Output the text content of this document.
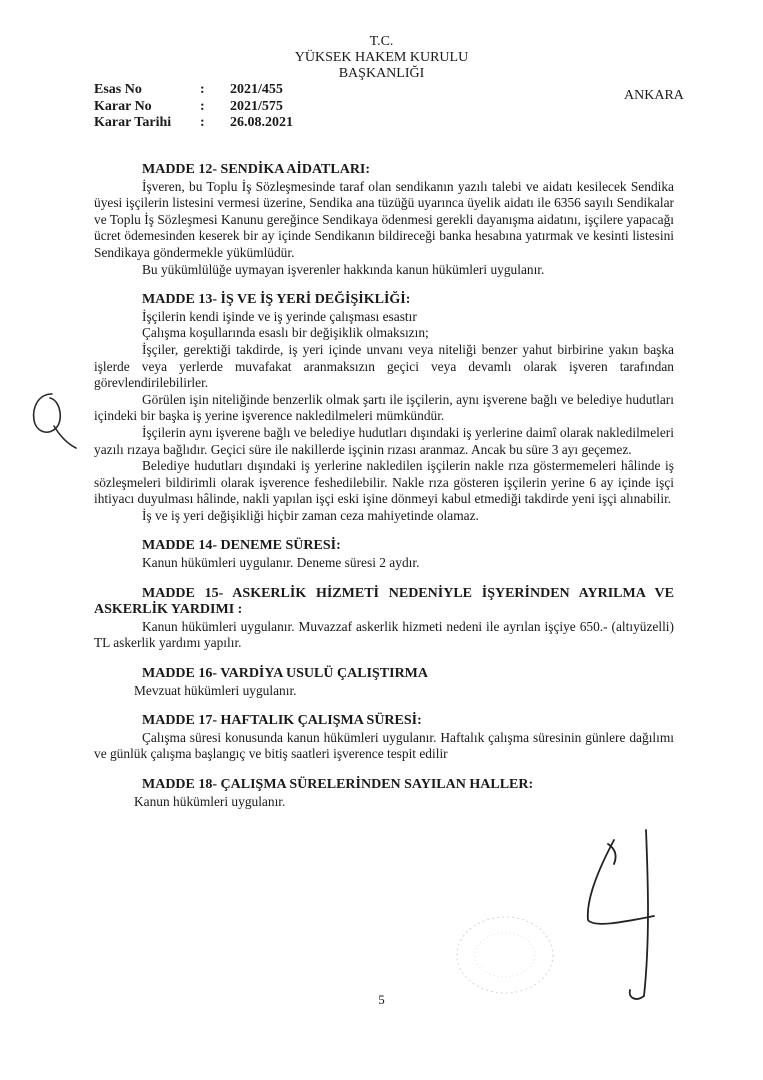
T.C.
YÜKSEK HAKEM KURULU
BAŞKANLIĞI
Esas No	:	2021/455
Karar No	:	2021/575
Karar Tarihi	:	26.08.2021
ANKARA
MADDE 12- SENDİKA AİDATLARI:

İşveren, bu Toplu İş Sözleşmesinde taraf olan sendikanın yazılı talebi ve aidatı kesilecek Sendika üyesi işçilerin listesini vermesi üzerine, Sendika ana tüzüğü uyarınca üyelik aidatı ile 6356 sayılı Sendikalar ve Toplu İş Sözleşmesi Kanunu gereğince Sendikaya ödenmesi gerekli dayanışma aidatını, işçilere yapacağı ücret ödemesinden keserek bir ay içinde Sendikanın bildireceği banka hesabına yatırmak ve kesinti listesini Sendikaya göndermekle yükümlüdür.

Bu yükümlülüğe uymayan işverenler hakkında kanun hükümleri uygulanır.

MADDE 13- İŞ VE İŞ YERİ DEĞİŞİKLİĞİ:

İşçilerin kendi işinde ve iş yerinde çalışması esastır

Çalışma koşullarında esaslı bir değişiklik olmaksızın;

İşçiler, gerektiği takdirde, iş yeri içinde unvanı veya niteliği benzer yahut birbirine yakın başka işlerde veya yerlerde muvafakat aranmaksızın geçici veya devamlı olarak işveren tarafından görevlendirilebilirler.

Görülen işin niteliğinde benzerlik olmak şartı ile işçilerin, aynı işverene bağlı ve belediye hudutları içindeki bir başka iş yerine işverence nakledilmeleri mümkündür.

İşçilerin aynı işverene bağlı ve belediye hudutları dışındaki iş yerlerine daimî olarak nakledilmeleri yazılı rızaya bağlıdır. Geçici süre ile nakillerde işçinin rızası aranmaz. Ancak bu süre 3 ayı geçemez.

Belediye hudutları dışındaki iş yerlerine nakledilen işçilerin nakle rıza göstermemeleri hâlinde iş sözleşmeleri bildirimli olarak işverence feshedilebilir. Nakle rıza gösteren işçilerin yerine 6 ay içinde işçi ihtiyacı duyulması hâlinde, nakli yapılan işçi eski işine dönmeyi kabul etmediği takdirde yeni işçi alınabilir.

İş ve iş yeri değişikliği hiçbir zaman ceza mahiyetinde olamaz.

MADDE 14- DENEME SÜRESİ:

Kanun hükümleri uygulanır. Deneme süresi 2 aydır.

MADDE 15- ASKERLİK HİZMETİ NEDENİYLE İŞYERİNDEN AYRILMA VE ASKERLİK YARDIMI :

Kanun hükümleri uygulanır. Muvazzaf askerlik hizmeti nedeni ile ayrılan işçiye 650.- (altıyüzelli) TL askerlik yardımı yapılır.

MADDE 16- VARDİYA USULÜ ÇALIŞTIRMA

Mevzuat hükümleri uygulanır.

MADDE 17- HAFTALIK ÇALIŞMA SÜRESİ:

Çalışma süresi konusunda kanun hükümleri uygulanır. Haftalık çalışma süresinin günlere dağılımı ve günlük çalışma başlangıç ve bitiş saatleri işverence tespit edilir

MADDE 18- ÇALIŞMA SÜRELERİNDEN SAYILAN HALLER:

Kanun hükümleri uygulanır.

5
